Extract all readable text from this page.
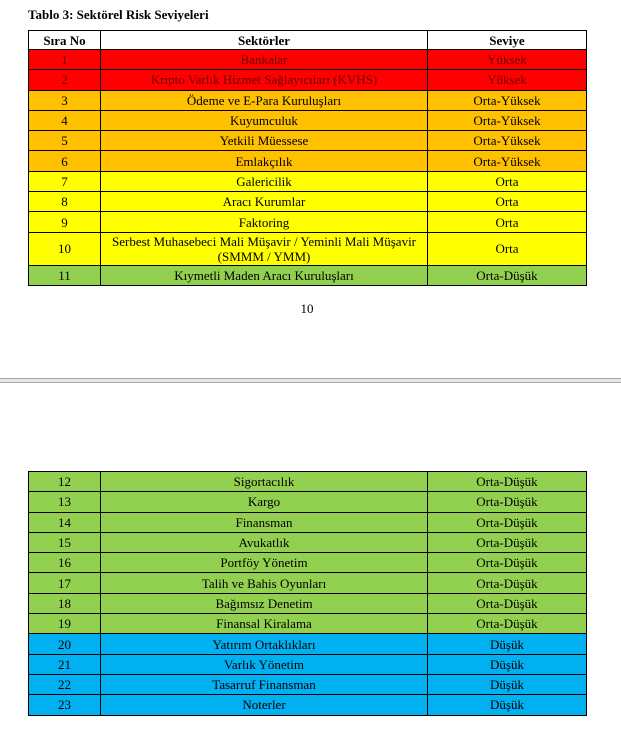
Tablo 3: Sektörel Risk Seviyeleri
Sıra No	Sektörler	Seviye
1	Bankalar	Yüksek
2	Kripto Varlık Hizmet Sağlayıcıları (KVHS)	Yüksek
3	Ödeme ve E-Para Kuruluşları	Orta-Yüksek
4	Kuyumculuk	Orta-Yüksek
5	Yetkili Müessese	Orta-Yüksek
6	Emlakçılık	Orta-Yüksek
7	Galericilik	Orta
8	Aracı Kurumlar	Orta
9	Faktoring	Orta
10	Serbest Muhasebeci Mali Müşavir / Yeminli Mali Müşavir (SMMM / YMM)	Orta
11	Kıymetli Maden Aracı Kuruluşları	Orta-Düşük
10
12	Sigortacılık	Orta-Düşük
13	Kargo	Orta-Düşük
14	Finansman	Orta-Düşük
15	Avukatlık	Orta-Düşük
16	Portföy Yönetim	Orta-Düşük
17	Talih ve Bahis Oyunları	Orta-Düşük
18	Bağımsız Denetim	Orta-Düşük
19	Finansal Kiralama	Orta-Düşük
20	Yatırım Ortaklıkları	Düşük
21	Varlık Yönetim	Düşük
22	Tasarruf Finansman	Düşük
23	Noterler	Düşük
